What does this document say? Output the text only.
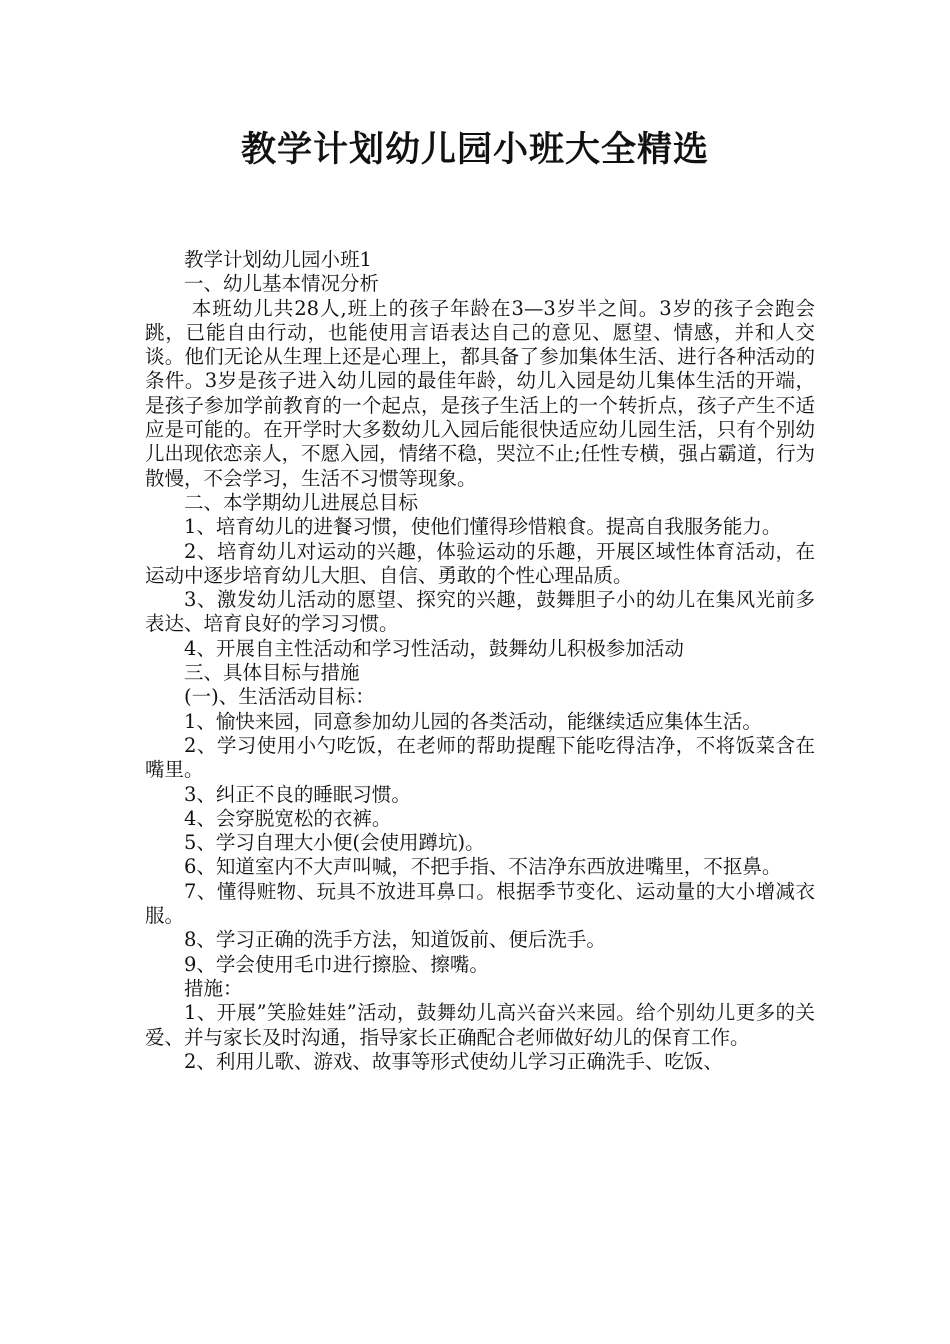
教学计划幼儿园小班大全精选

教学计划幼儿园小班1

一、幼儿基本情况分析

本班幼儿共28人,班上的孩子年龄在3—3岁半之间。3岁的孩子会跑会跳，已能自由行动，也能使用言语表达自己的意见、愿望、情感，并和人交谈。他们无论从生理上还是心理上，都具备了参加集体生活、进行各种活动的条件。3岁是孩子进入幼儿园的最佳年龄，幼儿入园是幼儿集体生活的开端，是孩子参加学前教育的一个起点，是孩子生活上的一个转折点，孩子产生不适应是可能的。在开学时大多数幼儿入园后能很快适应幼儿园生活，只有个别幼儿出现依恋亲人，不愿入园，情绪不稳，哭泣不止;任性专横，强占霸道，行为散慢，不会学习，生活不习惯等现象。

二、本学期幼儿进展总目标

1、培育幼儿的进餐习惯，使他们懂得珍惜粮食。提高自我服务能力。

2、培育幼儿对运动的兴趣，体验运动的乐趣，开展区域性体育活动，在运动中逐步培育幼儿大胆、自信、勇敢的个性心理品质。

3、激发幼儿活动的愿望、探究的兴趣，鼓舞胆子小的幼儿在集风光前多表达、培育良好的学习习惯。

4、开展自主性活动和学习性活动，鼓舞幼儿积极参加活动

三、具体目标与措施

(一)、生活活动目标：

1、愉快来园，同意参加幼儿园的各类活动，能继续适应集体生活。

2、学习使用小勺吃饭，在老师的帮助提醒下能吃得洁净，不将饭菜含在嘴里。

3、纠正不良的睡眠习惯。

4、会穿脱宽松的衣裤。

5、学习自理大小便(会使用蹲坑)。

6、知道室内不大声叫喊，不把手指、不洁净东西放进嘴里，不抠鼻。

7、懂得赃物、玩具不放进耳鼻口。根据季节变化、运动量的大小增减衣服。

8、学习正确的洗手方法，知道饭前、便后洗手。

9、学会使用毛巾进行擦脸、擦嘴。

措施：

1、开展”笑脸娃娃”活动，鼓舞幼儿高兴奋兴来园。给个别幼儿更多的关爱、并与家长及时沟通，指导家长正确配合老师做好幼儿的保育工作。

2、利用儿歌、游戏、故事等形式使幼儿学习正确洗手、吃饭、
